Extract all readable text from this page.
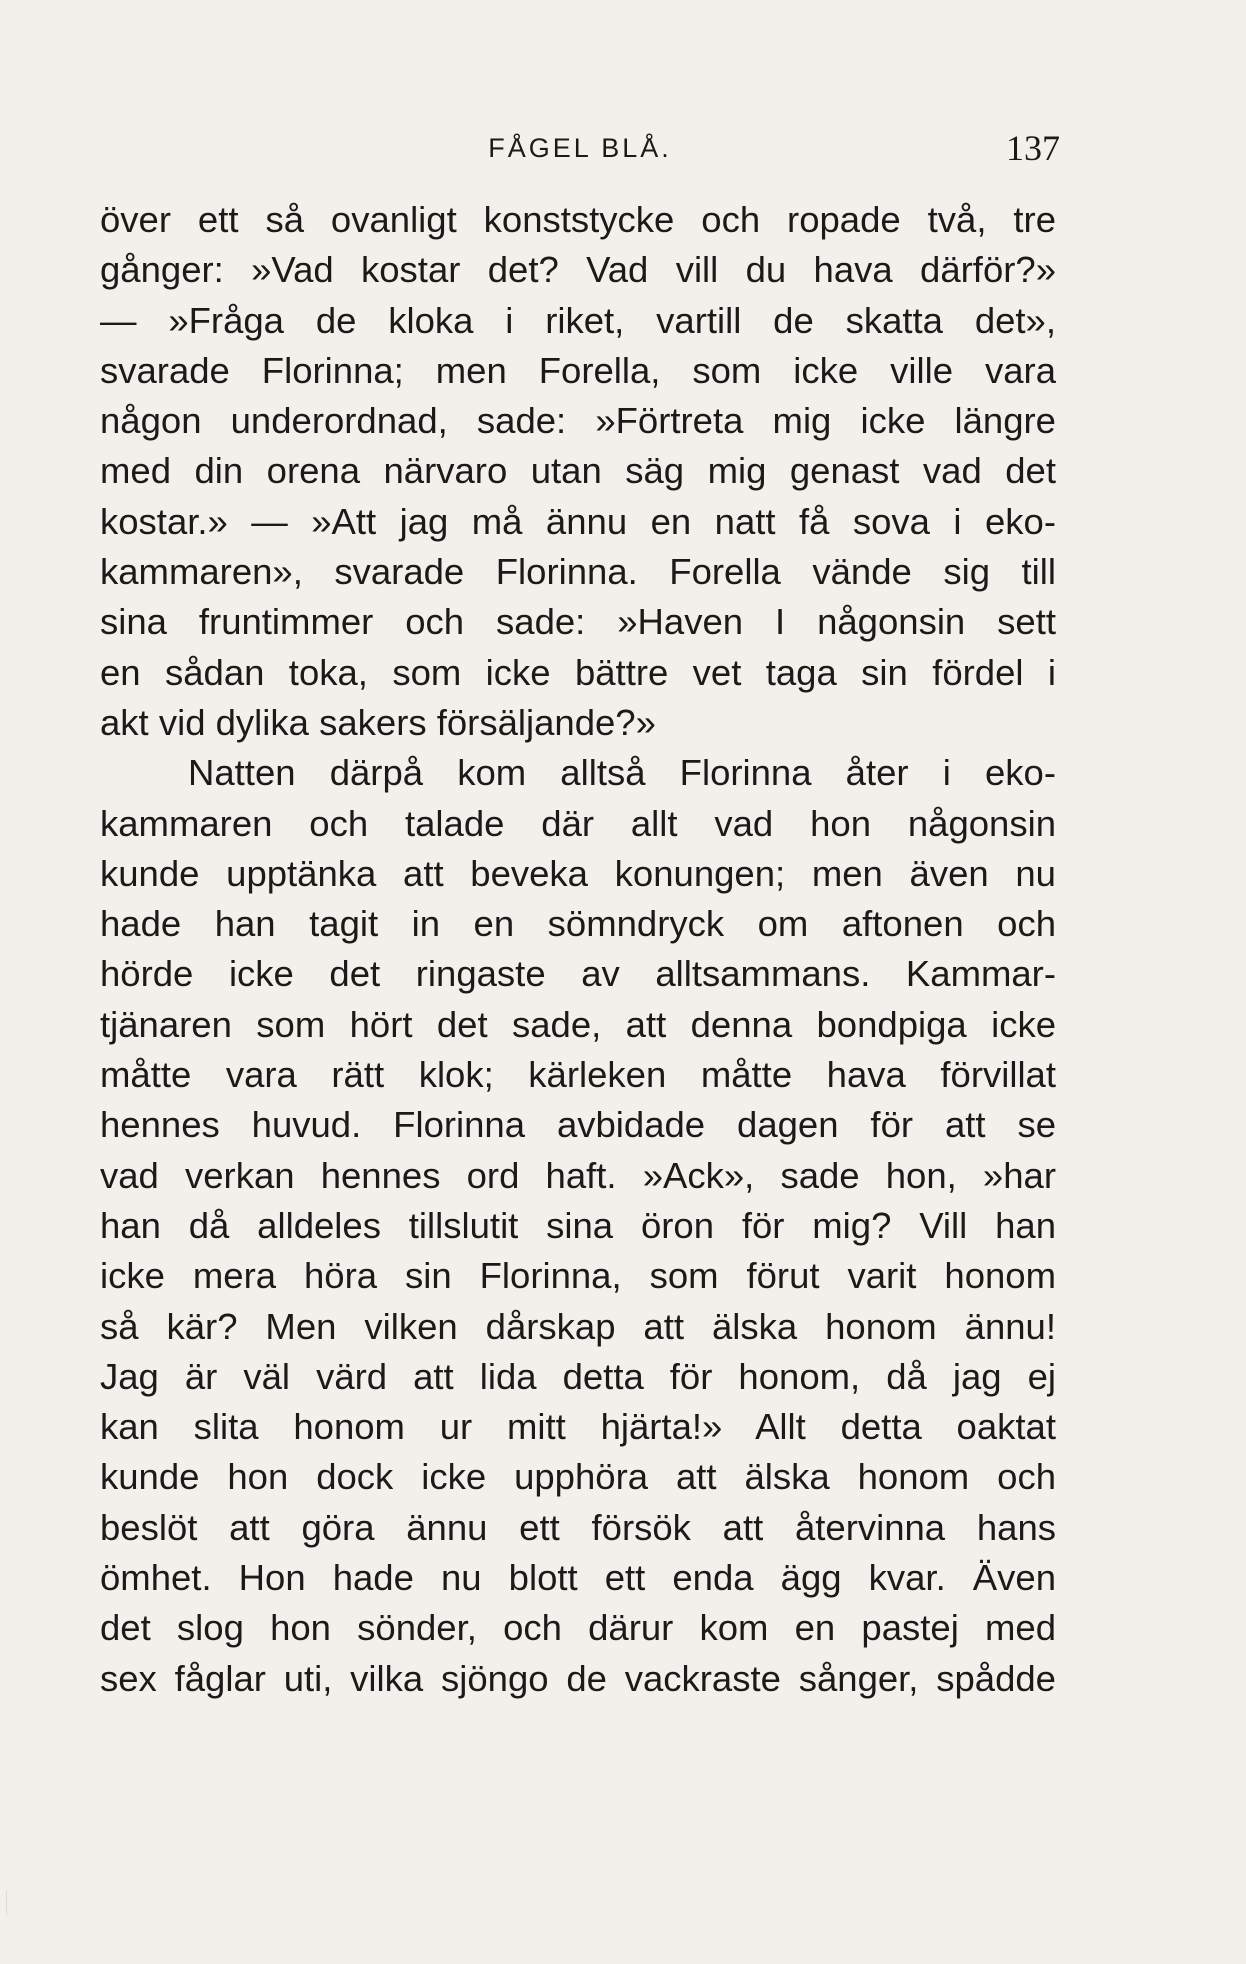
FÅGEL BLÅ.	137
över ett så ovanligt konststycke och ropade två, tre
gånger: »Vad kostar det? Vad vill du hava därför?»
— »Fråga de kloka i riket, vartill de skatta det»,
svarade Florinna; men Forella, som icke ville vara
någon underordnad, sade: »Förtreta mig icke längre
med din orena närvaro utan säg mig genast vad det
kostar.» — »Att jag må ännu en natt få sova i eko-
kammaren», svarade Florinna. Forella vände sig till
sina fruntimmer och sade: »Haven I någonsin sett
en sådan toka, som icke bättre vet taga sin fördel i
akt vid dylika sakers försäljande?»
Natten därpå kom alltså Florinna åter i eko-
kammaren och talade där allt vad hon någonsin
kunde upptänka att beveka konungen; men även nu
hade han tagit in en sömndryck om aftonen och
hörde icke det ringaste av alltsammans. Kammar-
tjänaren som hört det sade, att denna bondpiga icke
måtte vara rätt klok; kärleken måtte hava förvillat
hennes huvud. Florinna avbidade dagen för att se
vad verkan hennes ord haft. »Ack», sade hon, »har
han då alldeles tillslutit sina öron för mig? Vill han
icke mera höra sin Florinna, som förut varit honom
så kär? Men vilken dårskap att älska honom ännu!
Jag är väl värd att lida detta för honom, då jag ej
kan slita honom ur mitt hjärta!» Allt detta oaktat
kunde hon dock icke upphöra att älska honom och
beslöt att göra ännu ett försök att återvinna hans
ömhet. Hon hade nu blott ett enda ägg kvar. Även
det slog hon sönder, och därur kom en pastej med
sex fåglar uti, vilka sjöngo de vackraste sånger, spådde
